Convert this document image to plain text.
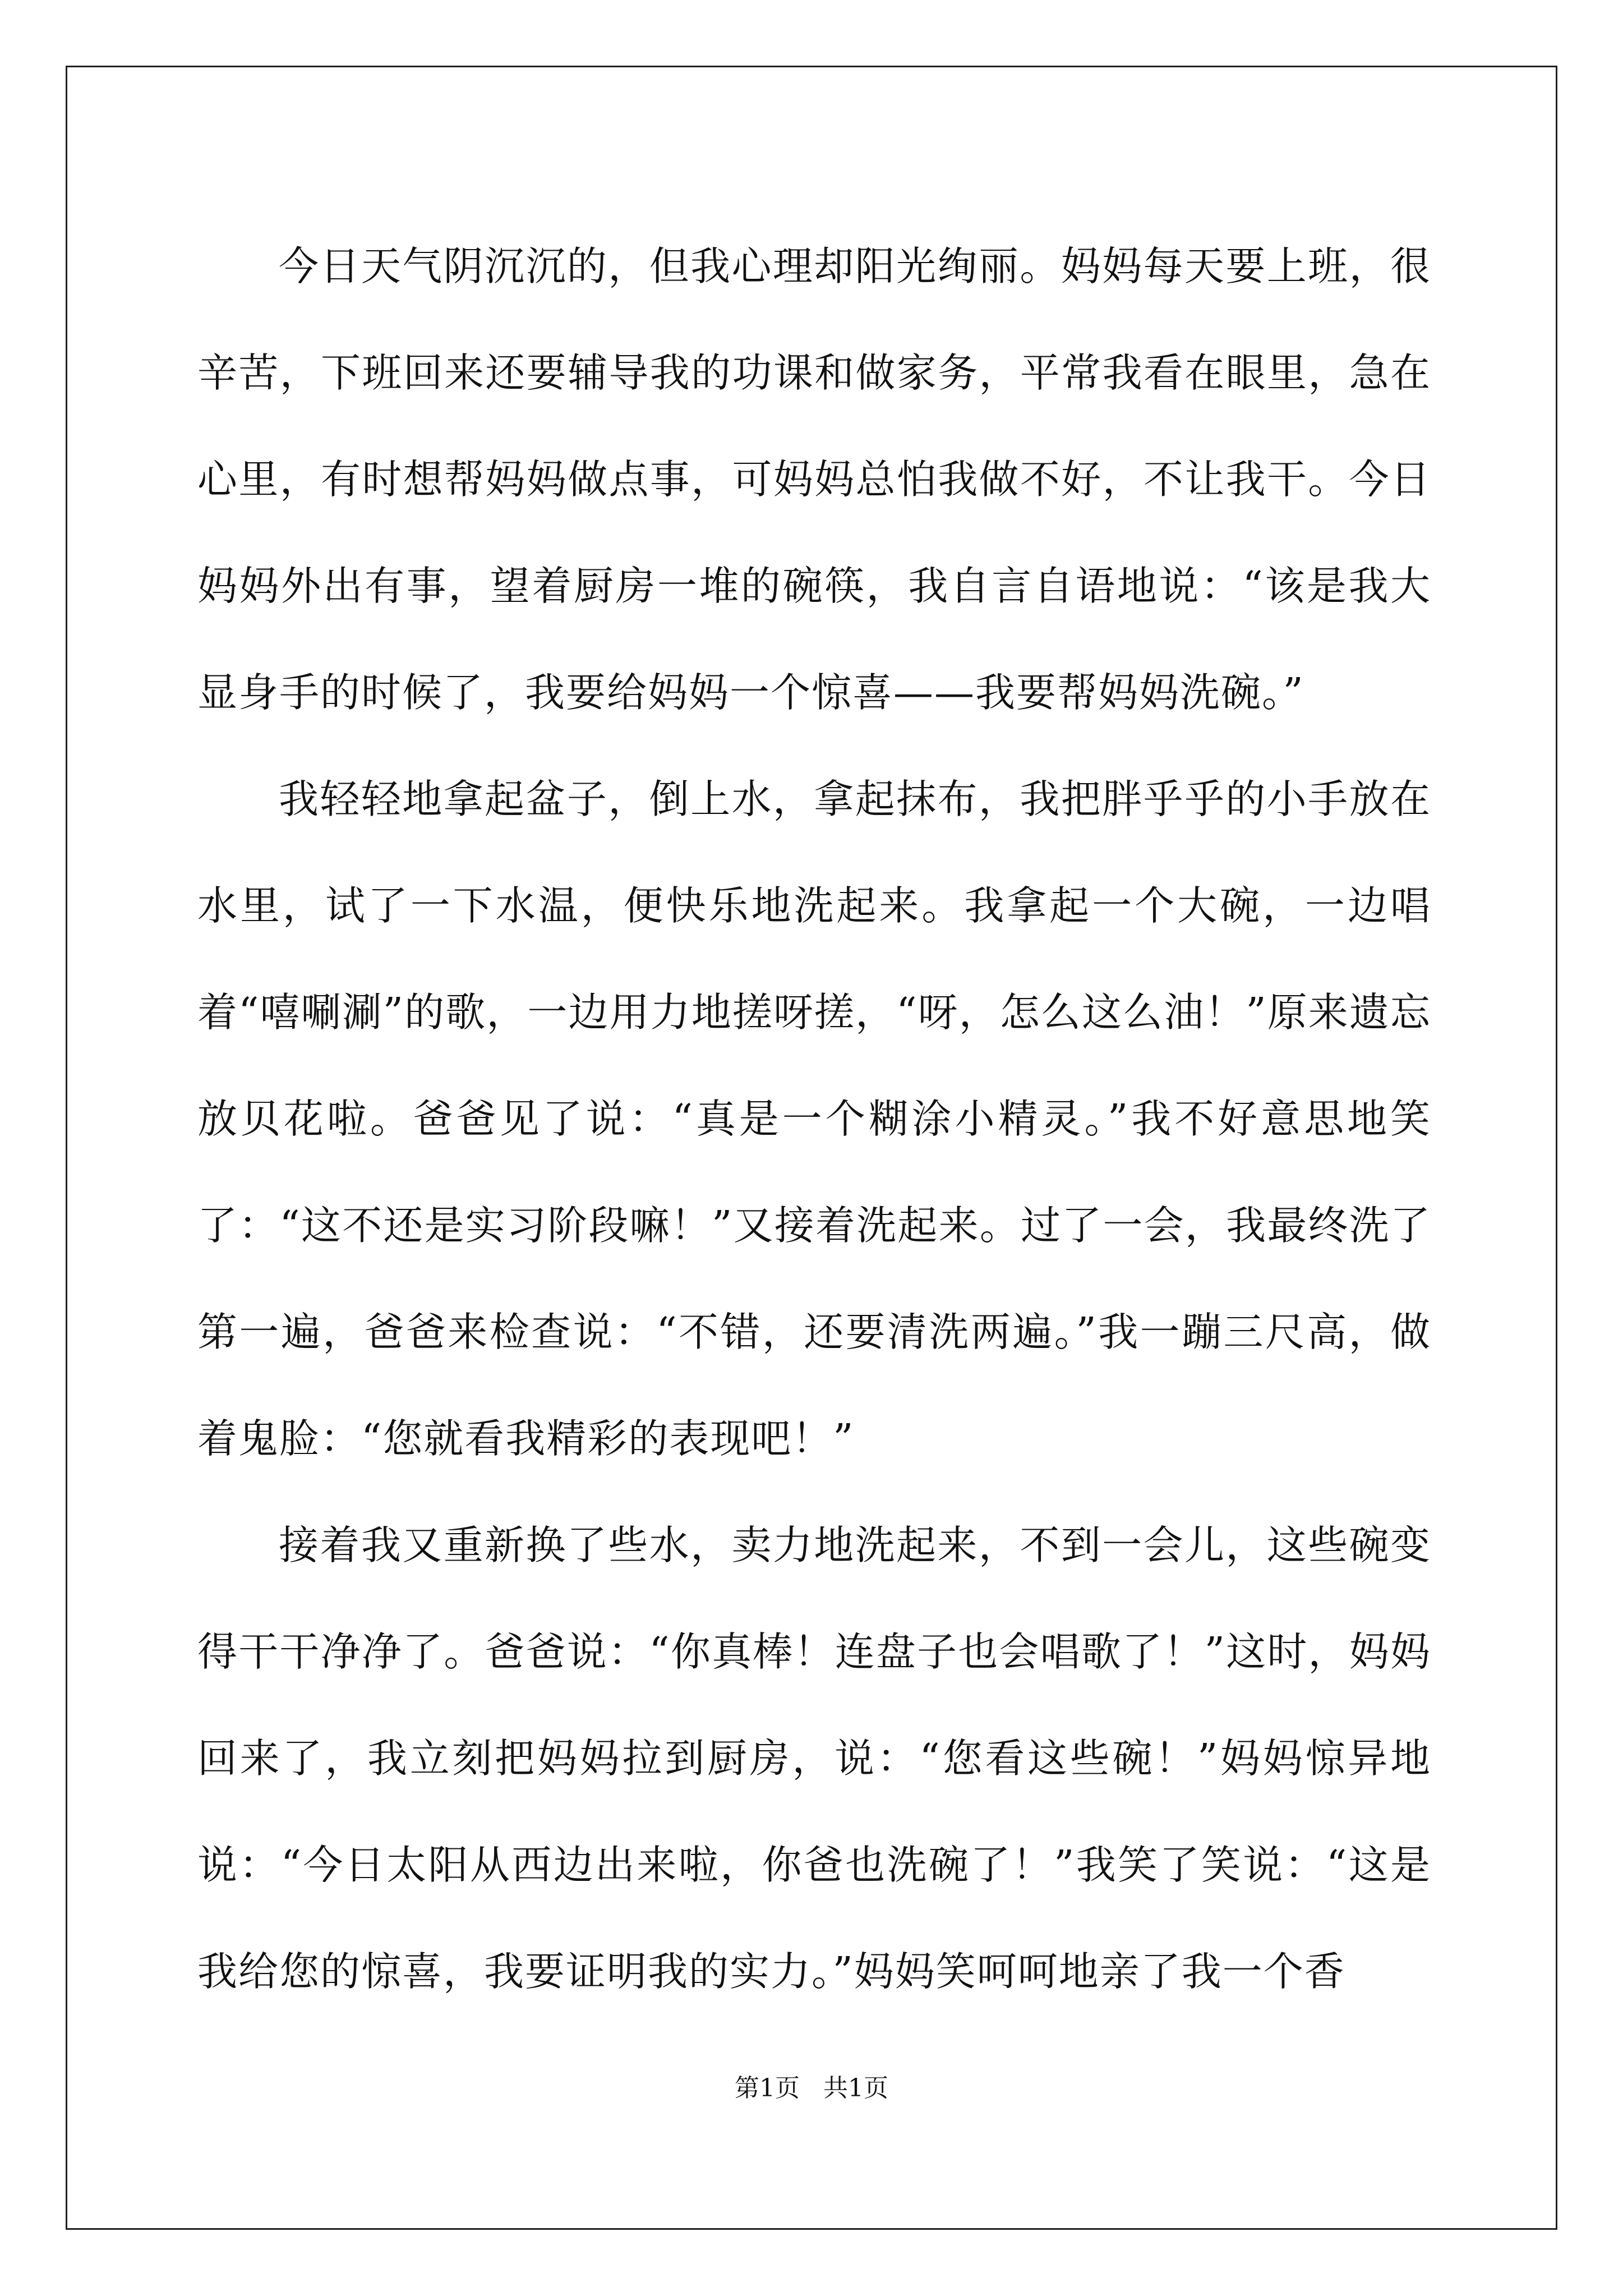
今日天气阴沉沉的，但我心理却阳光绚丽。妈妈每天要上班，很辛苦，下班回来还要辅导我的功课和做家务，平常我看在眼里，急在心里，有时想帮妈妈做点事，可妈妈总怕我做不好，不让我干。今日妈妈外出有事，望着厨房一堆的碗筷，我自言自语地说：“该是我大显身手的时候了，我要给妈妈一个惊喜——我要帮妈妈洗碗。”

我轻轻地拿起盆子，倒上水，拿起抹布，我把胖乎乎的小手放在水里，试了一下水温，便快乐地洗起来。我拿起一个大碗，一边唱着“嘻唰涮”的歌，一边用力地搓呀搓，“呀，怎么这么油！”原来遗忘放贝花啦。爸爸见了说：“真是一个糊涂小精灵。”我不好意思地笑了：“这不还是实习阶段嘛！”又接着洗起来。过了一会，我最终洗了第一遍，爸爸来检查说：“不错，还要清洗两遍。”我一蹦三尺高，做着鬼脸：“您就看我精彩的表现吧！”

接着我又重新换了些水，卖力地洗起来，不到一会儿，这些碗变得干干净净了。爸爸说：“你真棒！连盘子也会唱歌了！”这时，妈妈回来了，我立刻把妈妈拉到厨房，说：“您看这些碗！”妈妈惊异地说：“今日太阳从西边出来啦，你爸也洗碗了！”我笑了笑说：“这是我给您的惊喜，我要证明我的实力。”妈妈笑呵呵地亲了我一个香

第1页   共1页
